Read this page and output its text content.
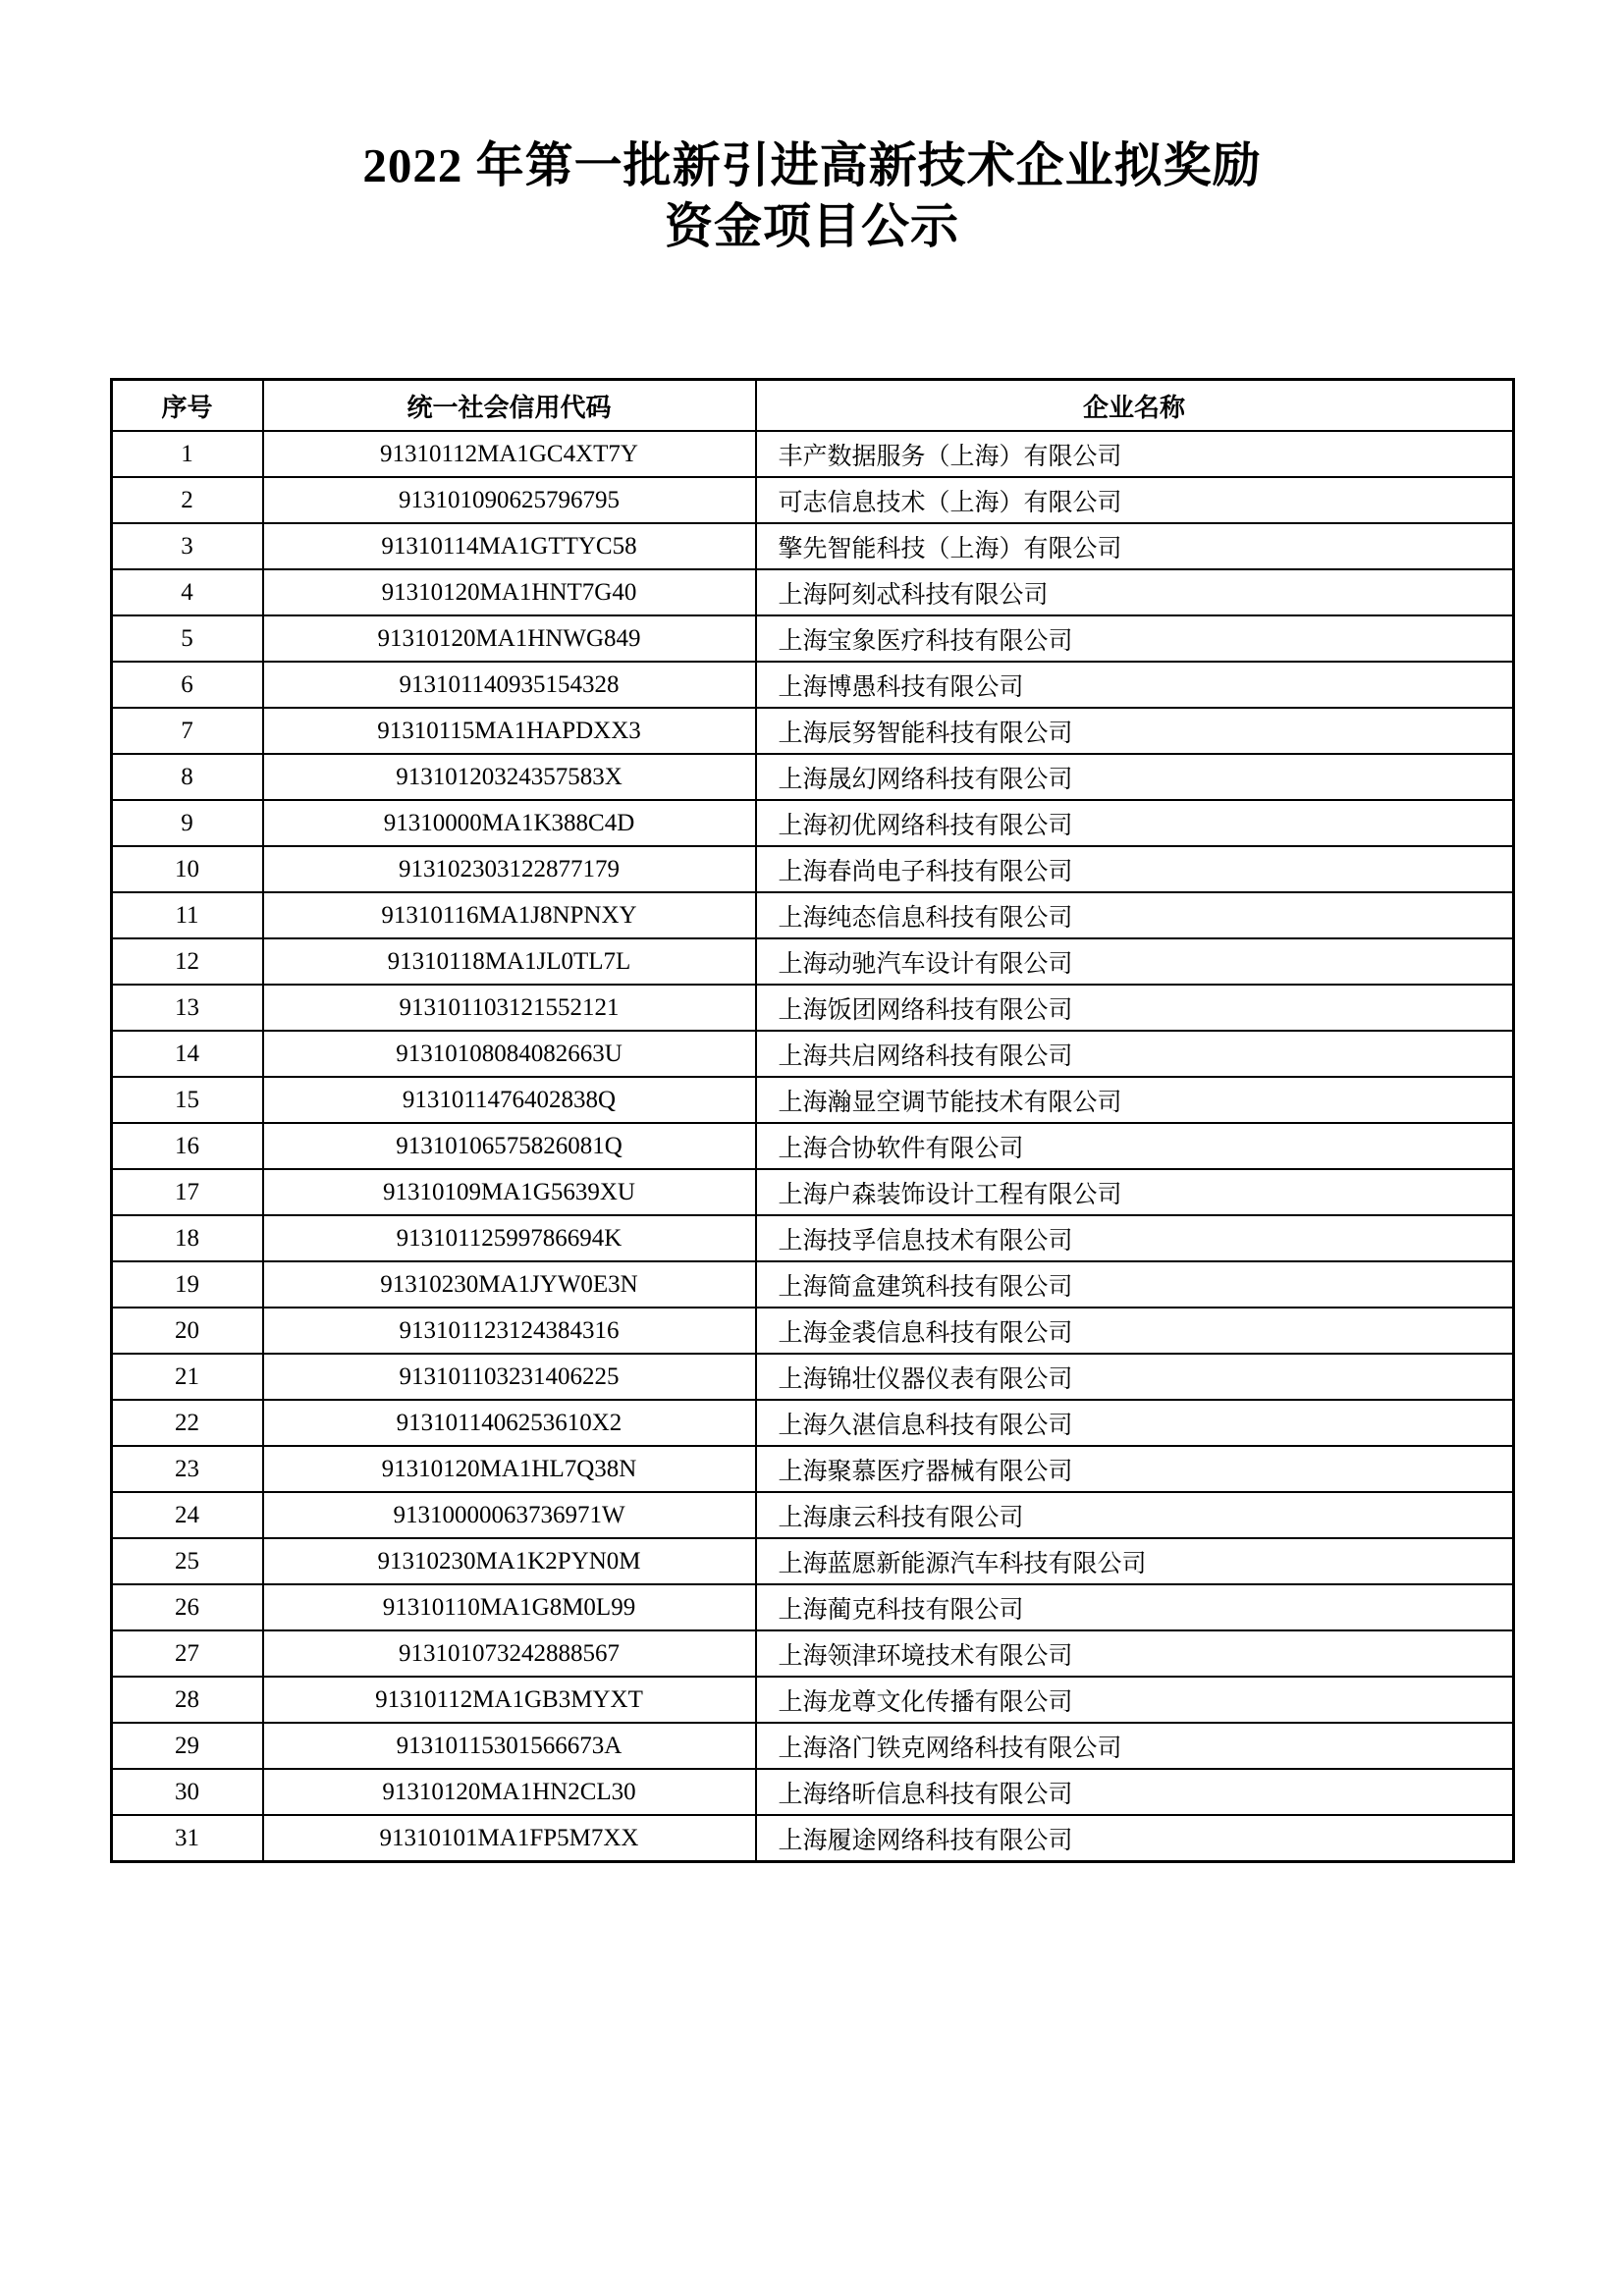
2022 年第一批新引进高新技术企业拟奖励
资金项目公示
序号	统一社会信用代码	企业名称
1	91310112MA1GC4XT7Y	丰产数据服务（上海）有限公司
2	913101090625796795	可志信息技术（上海）有限公司
3	91310114MA1GTTYC58	擎先智能科技（上海）有限公司
4	91310120MA1HNT7G40	上海阿刻忒科技有限公司
5	91310120MA1HNWG849	上海宝象医疗科技有限公司
6	913101140935154328	上海博愚科技有限公司
7	91310115MA1HAPDXX3	上海辰努智能科技有限公司
8	91310120324357583X	上海晟幻网络科技有限公司
9	91310000MA1K388C4D	上海初优网络科技有限公司
10	913102303122877179	上海春尚电子科技有限公司
11	91310116MA1J8NPNXY	上海纯态信息科技有限公司
12	91310118MA1JL0TL7L	上海动驰汽车设计有限公司
13	913101103121552121	上海饭团网络科技有限公司
14	91310108084082663U	上海共启网络科技有限公司
15	9131011476402838Q	上海瀚显空调节能技术有限公司
16	91310106575826081Q	上海合协软件有限公司
17	91310109MA1G5639XU	上海户森装饰设计工程有限公司
18	91310112599786694K	上海技孚信息技术有限公司
19	91310230MA1JYW0E3N	上海简盒建筑科技有限公司
20	913101123124384316	上海金裘信息科技有限公司
21	913101103231406225	上海锦壮仪器仪表有限公司
22	9131011406253610X2	上海久湛信息科技有限公司
23	91310120MA1HL7Q38N	上海聚慕医疗器械有限公司
24	91310000063736971W	上海康云科技有限公司
25	91310230MA1K2PYN0M	上海蓝愿新能源汽车科技有限公司
26	91310110MA1G8M0L99	上海蔺克科技有限公司
27	913101073242888567	上海领津环境技术有限公司
28	91310112MA1GB3MYXT	上海龙尊文化传播有限公司
29	91310115301566673A	上海洛门铁克网络科技有限公司
30	91310120MA1HN2CL30	上海络昕信息科技有限公司
31	91310101MA1FP5M7XX	上海履途网络科技有限公司
